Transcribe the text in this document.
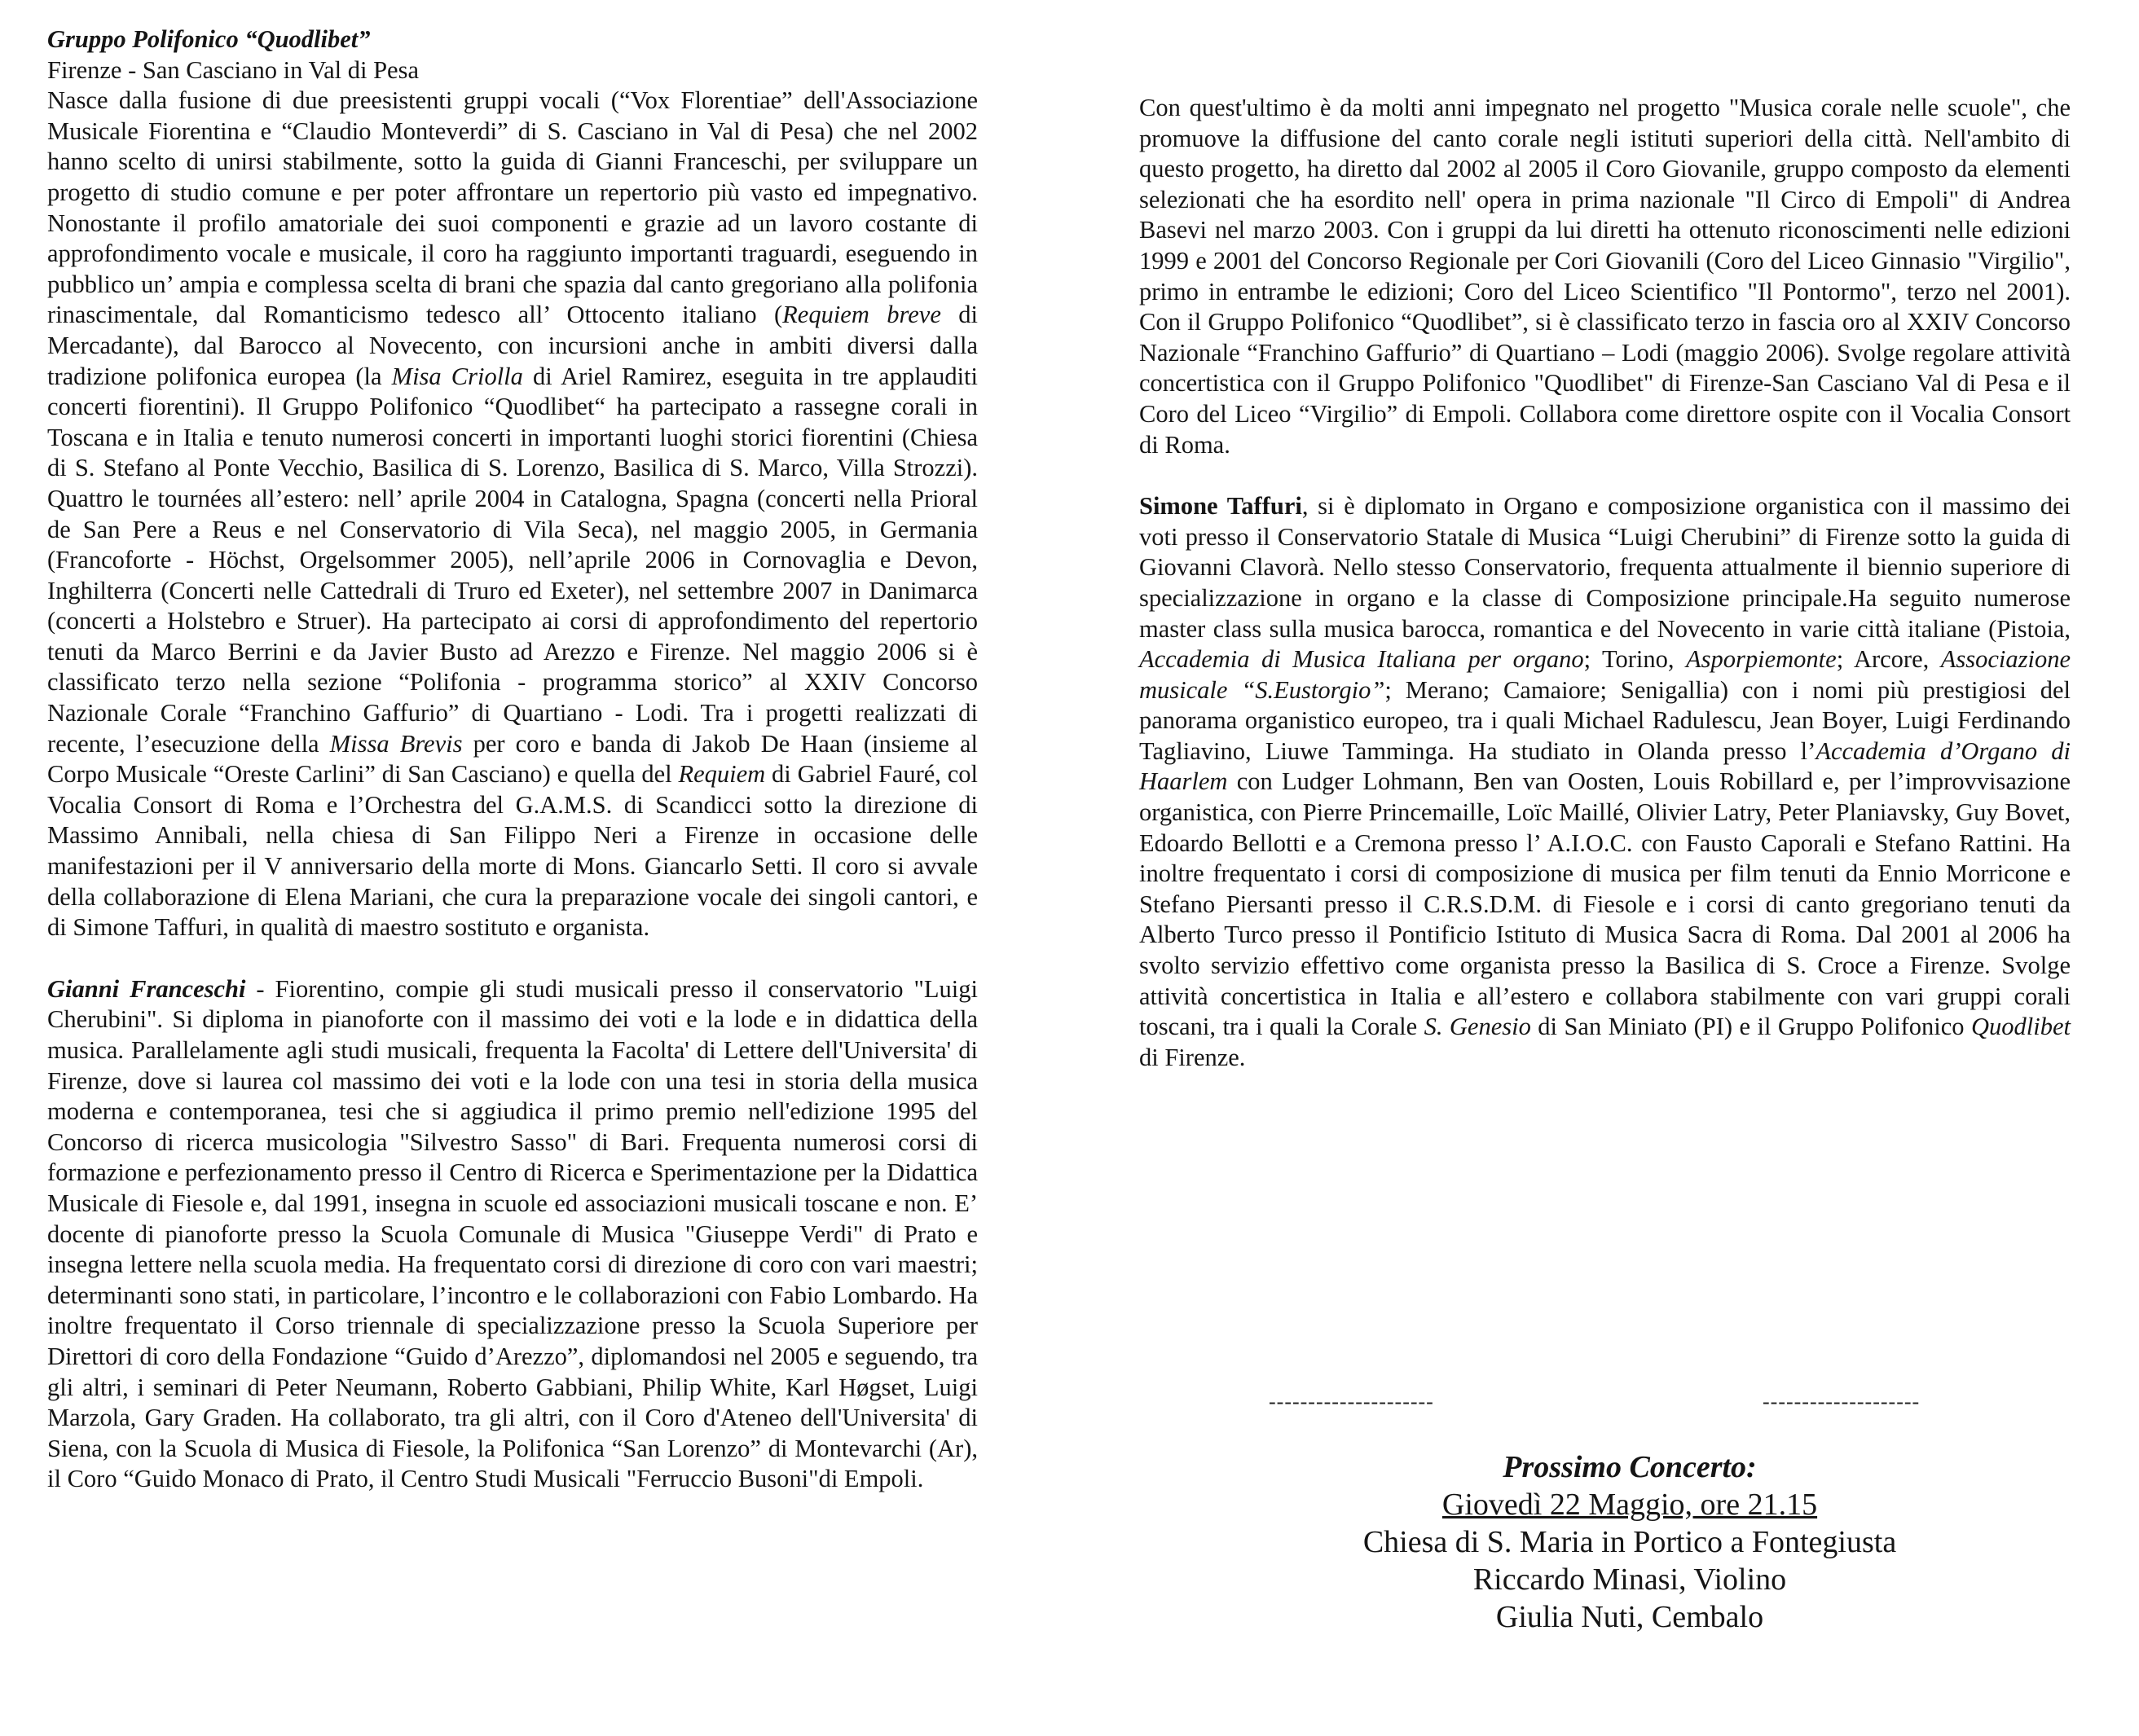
Gruppo Polifonico “Quodlibet”
Firenze - San Casciano in Val di Pesa

Nasce dalla fusione di due preesistenti gruppi vocali (“Vox Florentiae” dell'Associazione Musicale Fiorentina e “Claudio Monteverdi” di S. Casciano in Val di Pesa) che nel 2002 hanno scelto di unirsi stabilmente, sotto la guida di Gianni Franceschi, per sviluppare un progetto di studio comune e per poter affrontare un repertorio più vasto ed impegnativo. Nonostante il profilo amatoriale dei suoi componenti e grazie ad un lavoro costante di approfondimento vocale e musicale, il coro ha raggiunto importanti traguardi, eseguendo in pubblico un’ ampia e complessa scelta di brani che spazia dal canto gregoriano alla polifonia rinascimentale, dal Romanticismo tedesco all’ Ottocento italiano (Requiem breve di Mercadante), dal Barocco al Novecento, con incursioni anche in ambiti diversi dalla tradizione polifonica europea (la Misa Criolla di Ariel Ramirez, eseguita in tre applauditi concerti fiorentini). Il Gruppo Polifonico “Quodlibet“ ha partecipato a rassegne corali in Toscana e in Italia e tenuto numerosi concerti in importanti luoghi storici fiorentini (Chiesa di S. Stefano al Ponte Vecchio, Basilica di S. Lorenzo, Basilica di S. Marco, Villa Strozzi). Quattro le tournées all’estero: nell’ aprile 2004 in Catalogna, Spagna (concerti nella Prioral de San Pere a Reus e nel Conservatorio di Vila Seca), nel maggio 2005, in Germania (Francoforte - Höchst, Orgelsommer 2005), nell’aprile 2006 in Cornovaglia e Devon, Inghilterra (Concerti nelle Cattedrali di Truro ed Exeter), nel settembre 2007 in Danimarca (concerti a Holstebro e Struer). Ha partecipato ai corsi di approfondimento del repertorio tenuti da Marco Berrini e da Javier Busto ad Arezzo e Firenze. Nel maggio 2006 si è classificato terzo nella sezione “Polifonia - programma storico” al XXIV Concorso Nazionale Corale “Franchino Gaffurio” di Quartiano - Lodi. Tra i progetti realizzati di recente, l’esecuzione della Missa Brevis per coro e banda di Jakob De Haan (insieme al Corpo Musicale “Oreste Carlini” di San Casciano) e quella del Requiem di Gabriel Fauré, col Vocalia Consort di Roma e l’Orchestra del G.A.M.S. di Scandicci sotto la direzione di Massimo Annibali, nella chiesa di San Filippo Neri a Firenze in occasione delle manifestazioni per il V anniversario della morte di Mons. Giancarlo Setti. Il coro si avvale della collaborazione di Elena Mariani, che cura la preparazione vocale dei singoli cantori, e di Simone Taffuri, in qualità di maestro sostituto e organista.

Gianni Franceschi - Fiorentino, compie gli studi musicali presso il conservatorio "Luigi Cherubini". Si diploma in pianoforte con il massimo dei voti e la lode e in didattica della musica. Parallelamente agli studi musicali, frequenta la Facolta' di Lettere dell'Universita' di Firenze, dove si laurea col massimo dei voti e la lode con una tesi in storia della musica moderna e contemporanea, tesi che si aggiudica il primo premio nell'edizione 1995 del Concorso di ricerca musicologia "Silvestro Sasso" di Bari. Frequenta numerosi corsi di formazione e perfezionamento presso il Centro di Ricerca e Sperimentazione per la Didattica Musicale di Fiesole e, dal 1991, insegna in scuole ed associazioni musicali toscane e non. E’ docente di pianoforte presso la Scuola Comunale di Musica "Giuseppe Verdi" di Prato e insegna lettere nella scuola media. Ha frequentato corsi di direzione di coro con vari maestri; determinanti sono stati, in particolare, l’incontro e le collaborazioni con Fabio Lombardo. Ha inoltre frequentato il Corso triennale di specializzazione presso la Scuola Superiore per Direttori di coro della Fondazione “Guido d’Arezzo”, diplomandosi nel 2005 e seguendo, tra gli altri, i seminari di Peter Neumann, Roberto Gabbiani, Philip White, Karl Høgset, Luigi Marzola, Gary Graden. Ha collaborato, tra gli altri, con il Coro d'Ateneo dell'Universita' di Siena, con la Scuola di Musica di Fiesole, la Polifonica “San Lorenzo” di Montevarchi (Ar), il Coro “Guido Monaco di Prato, il Centro Studi Musicali "Ferruccio Busoni"di Empoli.

Con quest'ultimo è da molti anni impegnato nel progetto "Musica corale nelle scuole", che promuove la diffusione del canto corale negli istituti superiori della città. Nell'ambito di questo progetto, ha diretto dal 2002 al 2005 il Coro Giovanile, gruppo composto da elementi selezionati che ha esordito nell' opera in prima nazionale "Il Circo di Empoli" di Andrea Basevi nel marzo 2003. Con i gruppi da lui diretti ha ottenuto riconoscimenti nelle edizioni 1999 e 2001 del Concorso Regionale per Cori Giovanili (Coro del Liceo Ginnasio "Virgilio", primo in entrambe le edizioni; Coro del Liceo Scientifico "Il Pontormo", terzo nel 2001). Con il Gruppo Polifonico “Quodlibet”, si è classificato terzo in fascia oro al XXIV Concorso Nazionale “Franchino Gaffurio” di Quartiano – Lodi (maggio 2006). Svolge regolare attività concertistica con il Gruppo Polifonico "Quodlibet" di Firenze-San Casciano Val di Pesa e il Coro del Liceo “Virgilio” di Empoli. Collabora come direttore ospite con il Vocalia Consort di Roma.

Simone Taffuri, si è diplomato in Organo e composizione organistica con il massimo dei voti presso il Conservatorio Statale di Musica “Luigi Cherubini” di Firenze sotto la guida di Giovanni Clavorà. Nello stesso Conservatorio, frequenta attualmente il biennio superiore di specializzazione in organo e la classe di Composizione principale.Ha seguito numerose master class sulla musica barocca, romantica e del Novecento in varie città italiane (Pistoia, Accademia di Musica Italiana per organo; Torino, Asporpiemonte; Arcore, Associazione musicale “S.Eustorgio”; Merano; Camaiore; Senigallia) con i nomi più prestigiosi del panorama organistico europeo, tra i quali Michael Radulescu, Jean Boyer, Luigi Ferdinando Tagliavino, Liuwe Tamminga. Ha studiato in Olanda presso l’Accademia d’Organo di Haarlem con Ludger Lohmann, Ben van Oosten, Louis Robillard e, per l’improvvisazione organistica, con Pierre Princemaille, Loïc Maillé, Olivier Latry, Peter Planiavsky, Guy Bovet, Edoardo Bellotti e a Cremona presso l’ A.I.O.C. con Fausto Caporali e Stefano Rattini. Ha inoltre frequentato i corsi di composizione di musica per film tenuti da Ennio Morricone e Stefano Piersanti presso il C.R.S.D.M. di Fiesole e i corsi di canto gregoriano tenuti da Alberto Turco presso il Pontificio Istituto di Musica Sacra di Roma. Dal 2001 al 2006 ha svolto servizio effettivo come organista presso la Basilica di S. Croce a Firenze. Svolge attività concertistica in Italia e all’estero e collabora stabilmente con vari gruppi corali toscani, tra i quali la Corale S. Genesio di San Miniato (PI) e il Gruppo Polifonico Quodlibet di Firenze.

---------------------	--------------------
Prossimo Concerto:
Giovedì 22 Maggio, ore 21.15
Chiesa di S. Maria in Portico a Fontegiusta
Riccardo Minasi, Violino
Giulia Nuti, Cembalo
